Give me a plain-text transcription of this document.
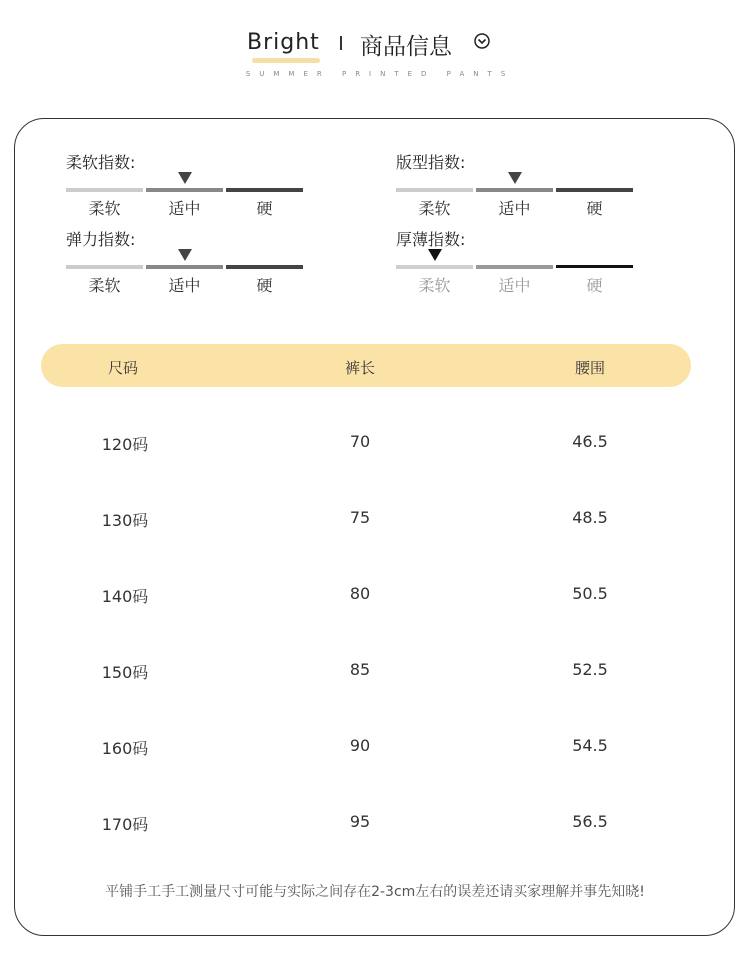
Bright 商品信息
SUMMER PRINTED PANTS
柔软指数:
柔软	适中	硬
版型指数:
柔软	适中	硬
弹力指数:
柔软	适中	硬
厚薄指数:
柔软	适中	硬
尺码	裤长	腰围
120码	70	46.5
130码	75	48.5
140码	80	50.5
150码	85	52.5
160码	90	54.5
170码	95	56.5
平铺手工手工测量尺寸可能与实际之间存在2-3cm左右的误差还请买家理解并事先知晓!
